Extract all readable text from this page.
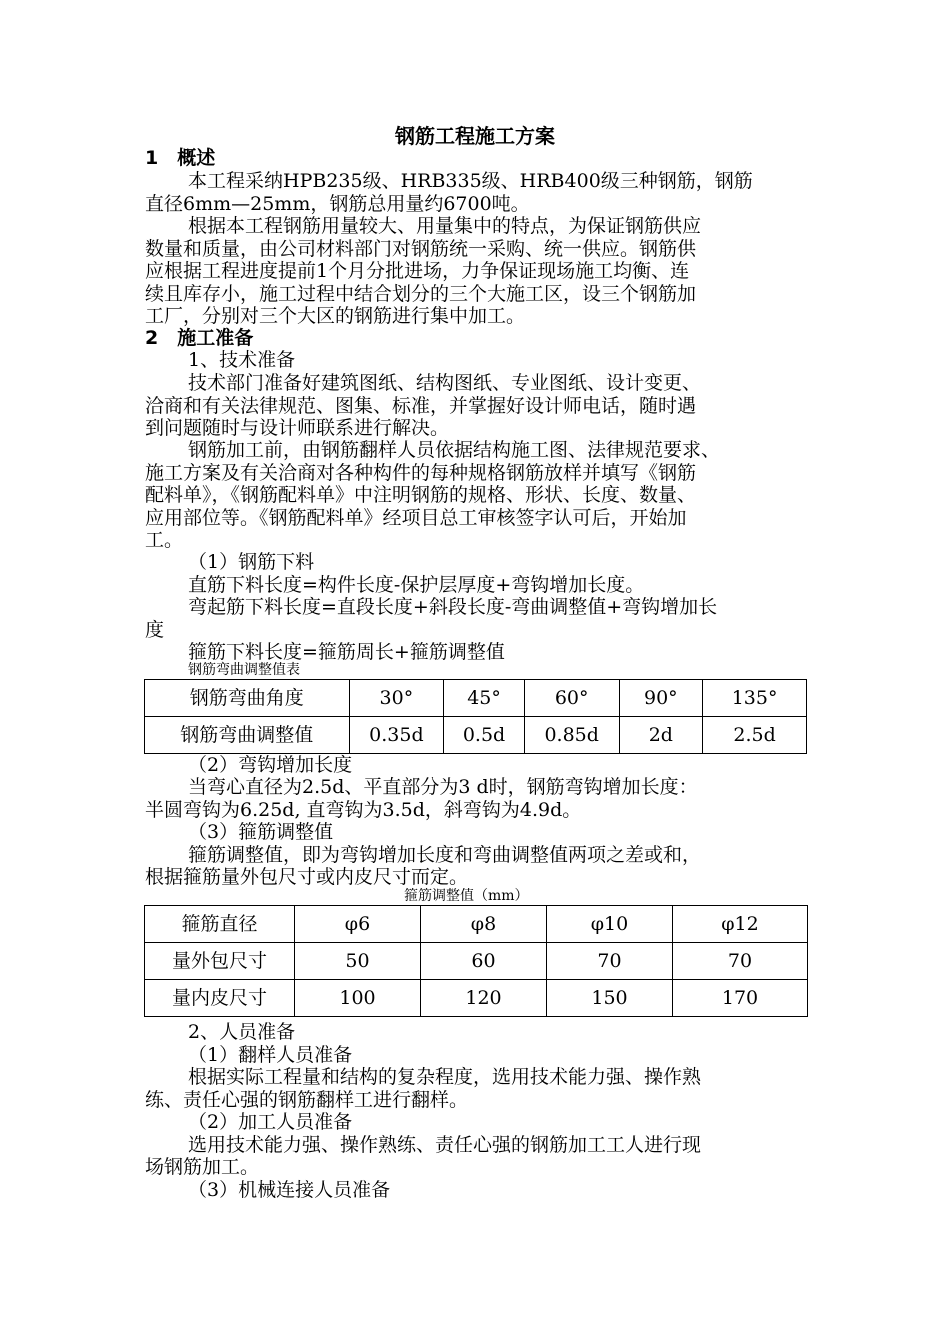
钢筋工程施工方案
1　概述
本工程采纳HPB235级、HRB335级、HRB400级三种钢筋，钢筋
直径6mm—25mm，钢筋总用量约6700吨。
根据本工程钢筋用量较大、用量集中的特点，为保证钢筋供应
数量和质量，由公司材料部门对钢筋统一采购、统一供应。钢筋供
应根据工程进度提前1个月分批进场，力争保证现场施工均衡、连
续且库存小，施工过程中结合划分的三个大施工区，设三个钢筋加
工厂，分别对三个大区的钢筋进行集中加工。
2　施工准备
1、技术准备
技术部门准备好建筑图纸、结构图纸、专业图纸、设计变更、
洽商和有关法律规范、图集、标准，并掌握好设计师电话，随时遇
到问题随时与设计师联系进行解决。
钢筋加工前，由钢筋翻样人员依据结构施工图、法律规范要求、
施工方案及有关洽商对各种构件的每种规格钢筋放样并填写《钢筋
配料单》，《钢筋配料单》中注明钢筋的规格、形状、长度、数量、
应用部位等。《钢筋配料单》经项目总工审核签字认可后，开始加
工。
（1）钢筋下料
直筋下料长度=构件长度-保护层厚度+弯钩增加长度。
弯起筋下料长度=直段长度+斜段长度-弯曲调整值+弯钩增加长
度
箍筋下料长度=箍筋周长+箍筋调整值
钢筋弯曲调整值表
钢筋弯曲角度	30°	45°	60°	90°	135°
钢筋弯曲调整值	0.35d	0.5d	0.85d	2d	2.5d
（2）弯钩增加长度
当弯心直径为2.5d、平直部分为3 d时，钢筋弯钩增加长度：
半圆弯钩为6.25d, 直弯钩为3.5d，斜弯钩为4.9d。
（3）箍筋调整值
箍筋调整值，即为弯钩增加长度和弯曲调整值两项之差或和，
根据箍筋量外包尺寸或内皮尺寸而定。
箍筋调整值（mm）
箍筋直径	φ6	φ8	φ10	φ12
量外包尺寸	50	60	70	70
量内皮尺寸	100	120	150	170
2、人员准备
（1）翻样人员准备
根据实际工程量和结构的复杂程度，选用技术能力强、操作熟
练、责任心强的钢筋翻样工进行翻样。
（2）加工人员准备
选用技术能力强、操作熟练、责任心强的钢筋加工工人进行现
场钢筋加工。
（3）机械连接人员准备
